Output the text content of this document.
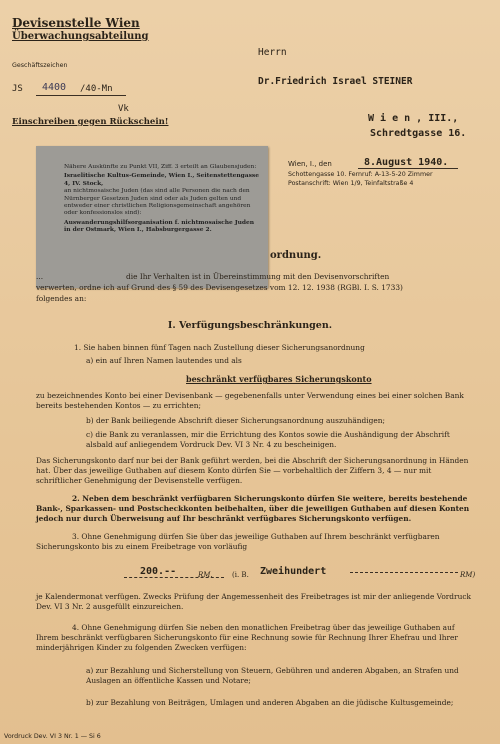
Devisenstelle Wien
Überwachungsabteilung
Geschäftszeichen
JS 4400 /40-Mn
Vk
Einschreiben gegen Rückschein!
Herrn
Dr.Friedrich Israel STEINER
W i e n , III.,
Schredtgasse 16.

Nähere Auskünfte zu Punkt VII, Ziff. 3 erteilt an Glaubensjuden:

Israelitische Kultus-Gemeinde, Wien I., Seitenstettengasse 4, IV. Stock,

an nichtmosaische Juden (das sind alle Personen die nach den Nürnberger Gesetzen Juden sind oder als Juden gelten und entweder einer christlichen Religionsgemeinschaft angehören oder konfessionslos sind):

Auswanderungshilfsorganisation f. nichtmosaische Juden in der Ostmark, Wien I., Habsburgergasse 2.

Wien, I., den	8.August 1940.
Schottengasse 10. Fernruf: A-13-5-20 Zimmer
Postanschrift: Wien 1/9, Teinfaltstraße 4
ordnung.
...	die Ihr Verhalten ist in Übereinstimmung mit den Devisenvorschriften
verwerten, ordne ich auf Grund des § 59 des Devisengesetzes vom 12. 12. 1938 (RGBl. I. S. 1733)
folgendes an:
I. Verfügungsbeschränkungen.
1. Sie haben binnen fünf Tagen nach Zustellung dieser Sicherungsanordnung
a) ein auf Ihren Namen lautendes und als
beschränkt verfügbares Sicherungskonto
zu bezeichnendes Konto bei einer Devisenbank — gegebenenfalls unter Verwendung eines bei einer solchen Bank bereits bestehenden Kontos — zu errichten;
b) der Bank beiliegende Abschrift dieser Sicherungsanordnung auszuhändigen;
c) die Bank zu veranlassen, mir die Errichtung des Kontos sowie die Aushändigung der Abschrift alsbald auf anliegendem Vordruck Dev. VI 3 Nr. 4 zu bescheinigen.
Das Sicherungskonto darf nur bei der Bank geführt werden, bei die Abschrift der Sicherungsanordnung in Händen hat. Über das jeweilige Guthaben auf diesem Konto dürfen Sie — vorbehaltlich der Ziffern 3, 4 — nur mit schriftlicher Genehmigung der Devisenstelle verfügen.
2. Neben dem beschränkt verfügbaren Sicherungskonto dürfen Sie weitere, bereits bestehende Bank-, Sparkassen- und Postscheckkonten beibehalten, über die jeweiligen Guthaben auf diesen Konten jedoch nur durch Überweisung auf Ihr beschränkt verfügbares Sicherungskonto verfügen.
3. Ohne Genehmigung dürfen Sie über das jeweilige Guthaben auf Ihrem beschränkt verfügbaren Sicherungskonto bis zu einem Freibetrage von vorläufig
200.--	RM.	(i. B. Zweihundert	RM)
je Kalendermonat verfügen. Zwecks Prüfung der Angemessenheit des Freibetrages ist mir der anliegende Vordruck Dev. VI 3 Nr. 2 ausgefüllt einzureichen.
4. Ohne Genehmigung dürfen Sie neben den monatlichen Freibetrag über das jeweilige Guthaben auf Ihrem beschränkt verfügbaren Sicherungskonto für eine Rechnung sowie für Rechnung Ihrer Ehefrau und Ihrer minderjährigen Kinder zu folgenden Zwecken verfügen:
a) zur Bezahlung und Sicherstellung von Steuern, Gebühren und anderen Abgaben, an Strafen und Auslagen an öffentliche Kassen und Notare;
b) zur Bezahlung von Beiträgen, Umlagen und anderen Abgaben an die jüdische Kultusgemeinde;
Vordruck Dev. VI 3 Nr. 1 — Si 6
